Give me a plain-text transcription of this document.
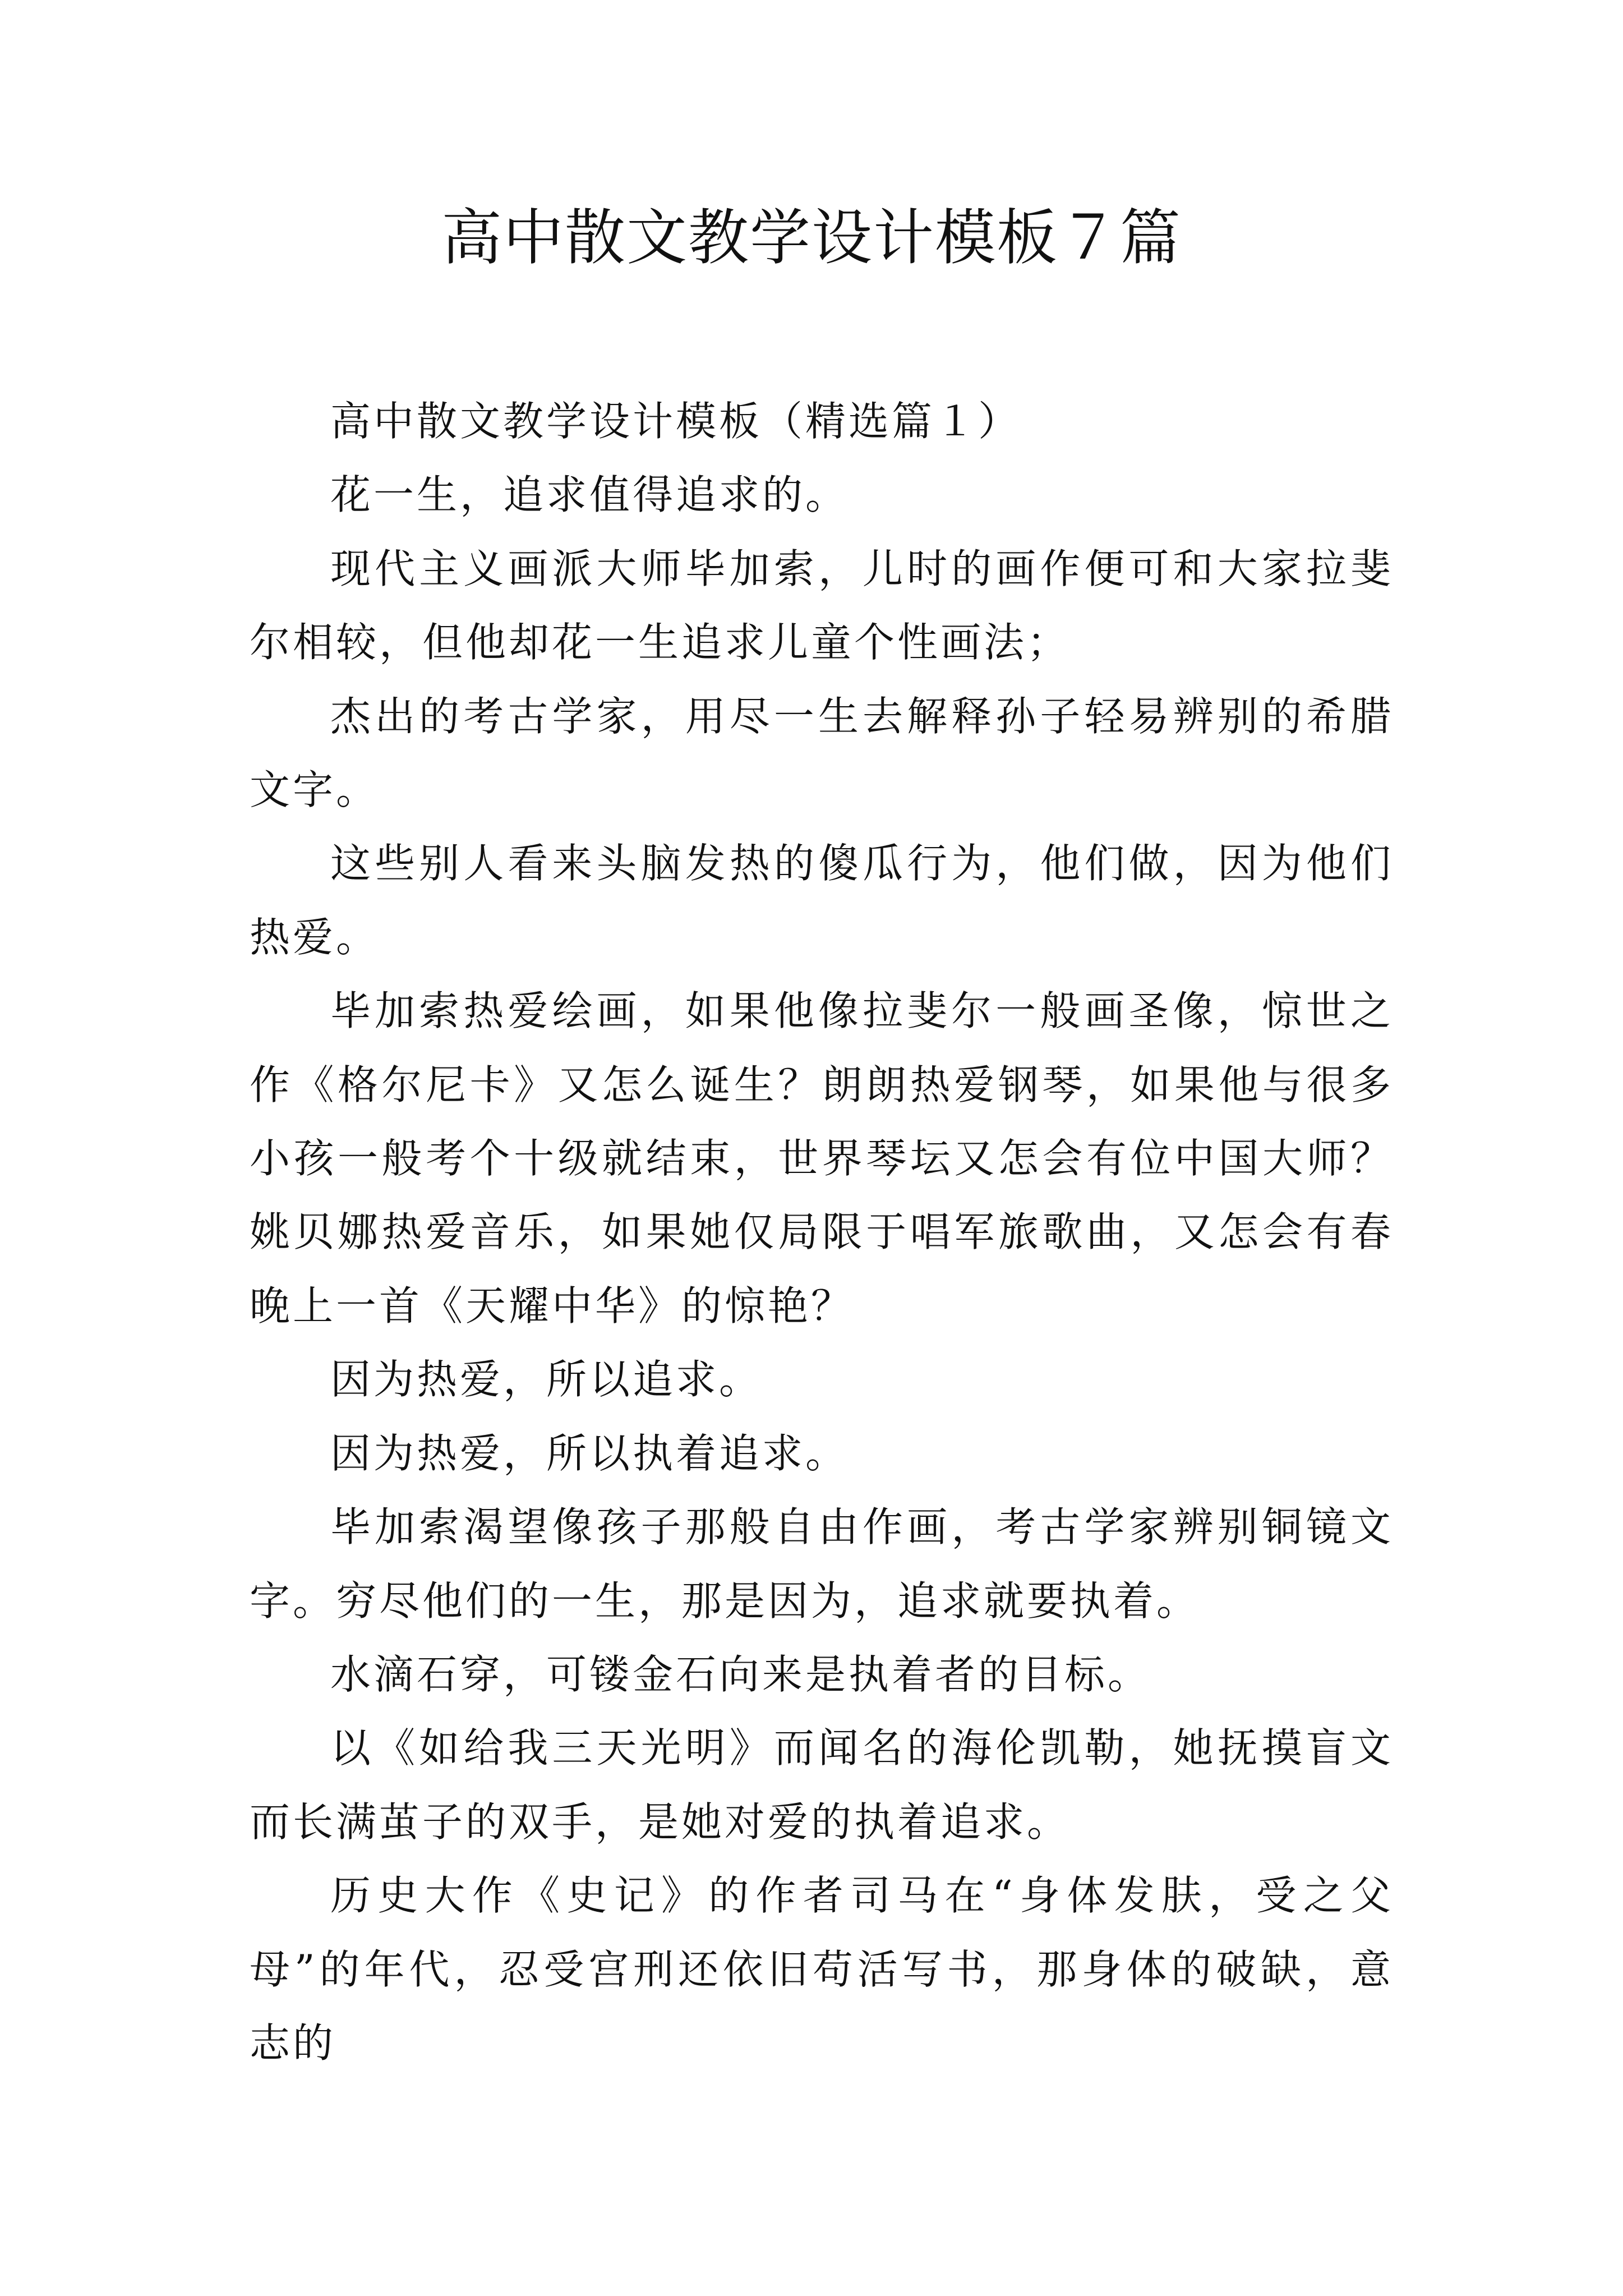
高中散文教学设计模板７篇

高中散文教学设计模板（精选篇１）

花一生，追求值得追求的。

现代主义画派大师毕加索，儿时的画作便可和大家拉斐尔相较，但他却花一生追求儿童个性画法；

杰出的考古学家，用尽一生去解释孙子轻易辨别的希腊文字。

这些别人看来头脑发热的傻瓜行为，他们做，因为他们热爱。

毕加索热爱绘画，如果他像拉斐尔一般画圣像，惊世之作《格尔尼卡》又怎么诞生？朗朗热爱钢琴，如果他与很多小孩一般考个十级就结束，世界琴坛又怎会有位中国大师？姚贝娜热爱音乐，如果她仅局限于唱军旅歌曲，又怎会有春晚上一首《天耀中华》的惊艳？

因为热爱，所以追求。

因为热爱，所以执着追求。

毕加索渴望像孩子那般自由作画，考古学家辨别铜镜文字。穷尽他们的一生，那是因为，追求就要执着。

水滴石穿，可镂金石向来是执着者的目标。

以《如给我三天光明》而闻名的海伦凯勒，她抚摸盲文而长满茧子的双手，是她对爱的执着追求。

历史大作《史记》的作者司马在“身体发肤，受之父母”的年代，忍受宫刑还依旧苟活写书，那身体的破缺，意志的
